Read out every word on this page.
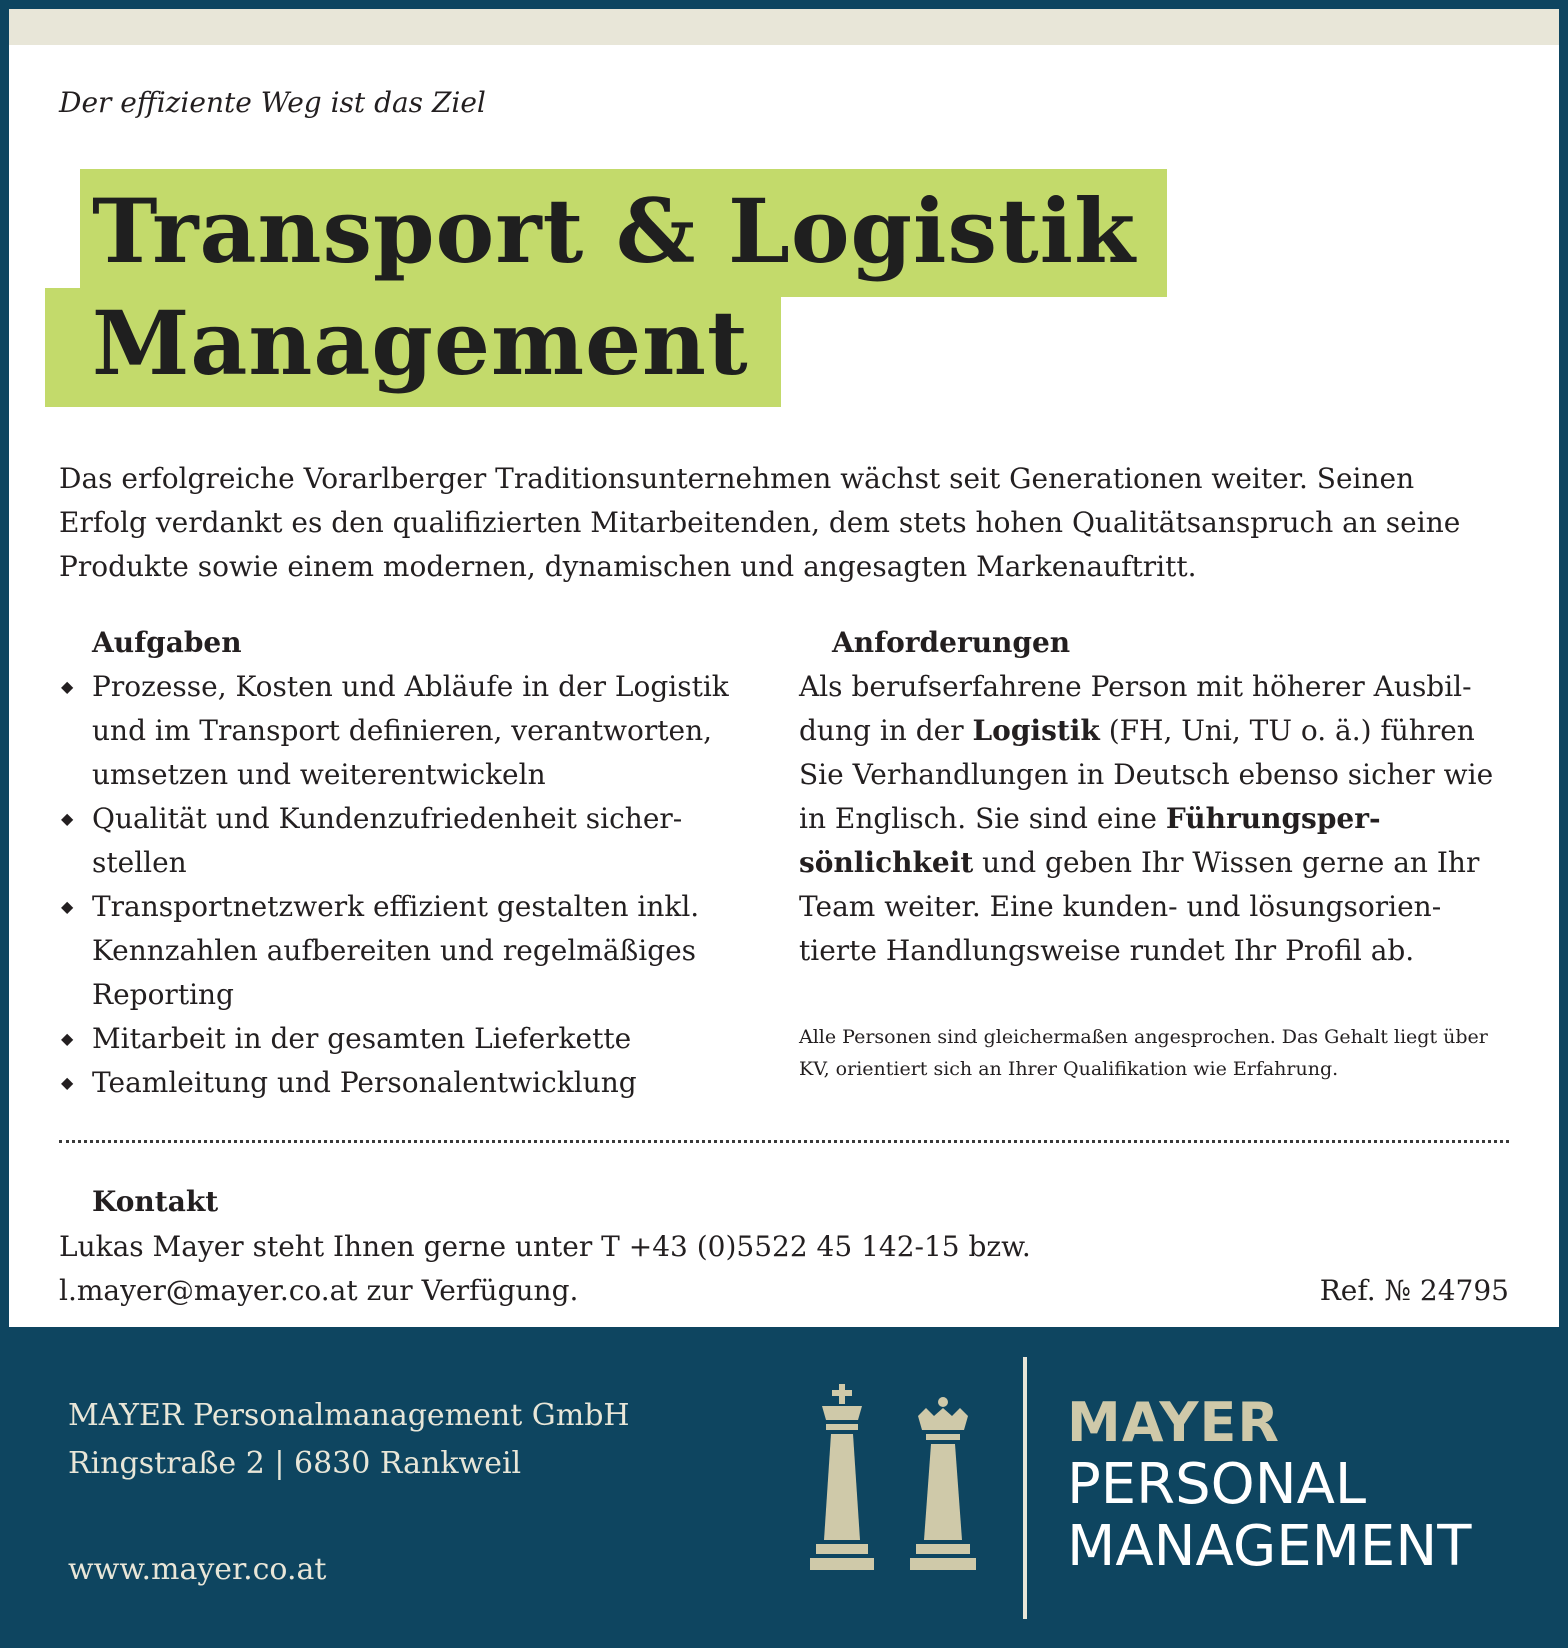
Der effiziente Weg ist das Ziel
Transport & Logistik
Management
Das erfolgreiche Vorarlberger Traditionsunternehmen wächst seit Generationen weiter. Seinen Erfolg verdankt es den qualifizierten Mitarbeitenden, dem stets hohen Qualitätsanspruch an seine Produkte sowie einem modernen, dynamischen und angesagten Markenauftritt.
Aufgaben
◆ Prozesse, Kosten und Abläufe in der Logistik und im Transport definieren, verantworten, umsetzen und weiterentwickeln
◆ Qualität und Kundenzufriedenheit sicher-stellen
◆ Transportnetzwerk effizient gestalten inkl. Kennzahlen aufbereiten und regelmäßiges Reporting
◆ Mitarbeit in der gesamten Lieferkette
◆ Teamleitung und Personalentwicklung
Anforderungen
Als berufserfahrene Person mit höherer Ausbil-dung in der Logistik (FH, Uni, TU o. ä.) führen Sie Verhandlungen in Deutsch ebenso sicher wie in Englisch. Sie sind eine Führungsper-sönlichkeit und geben Ihr Wissen gerne an Ihr Team weiter. Eine kunden- und lösungsorien-tierte Handlungsweise rundet Ihr Profil ab.
Alle Personen sind gleichermaßen angesprochen. Das Gehalt liegt über KV, orientiert sich an Ihrer Qualifikation wie Erfahrung.
Kontakt
Lukas Mayer steht Ihnen gerne unter T +43 (0)5522 45 142-15 bzw.
l.mayer@mayer.co.at zur Verfügung.	Ref. № 24795
MAYER Personalmanagement GmbH
Ringstraße 2 | 6830 Rankweil
www.mayer.co.at
MAYER
PERSONAL
MANAGEMENT
